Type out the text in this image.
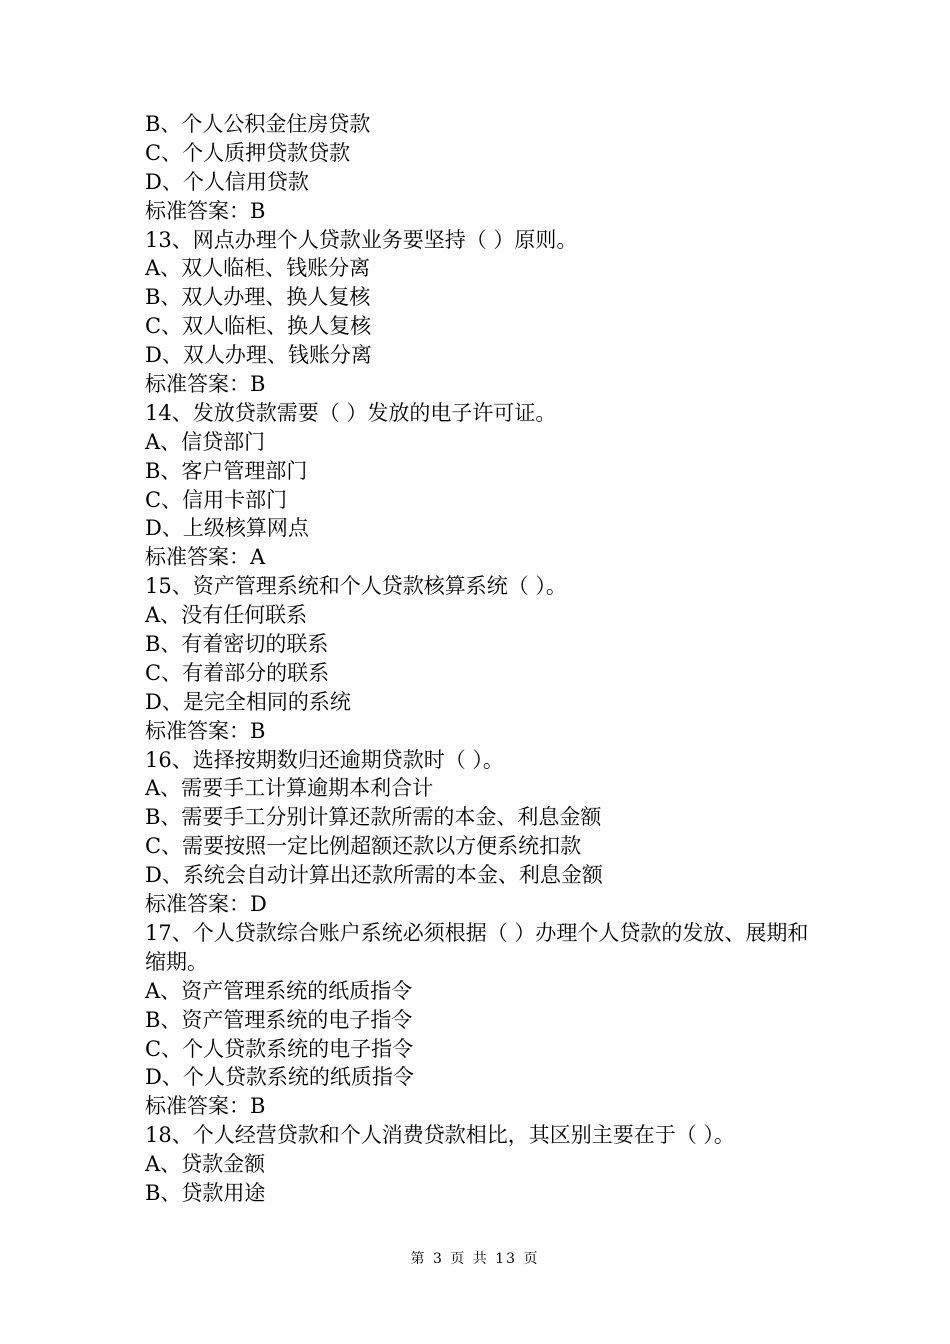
B、个人公积金住房贷款
C、个人质押贷款贷款
D、个人信用贷款
标准答案：B
13、网点办理个人贷款业务要坚持（ ）原则。
A、双人临柜、钱账分离
B、双人办理、换人复核
C、双人临柜、换人复核
D、双人办理、钱账分离
标准答案：B
14、发放贷款需要（ ）发放的电子许可证。
A、信贷部门
B、客户管理部门
C、信用卡部门
D、上级核算网点
标准答案：A
15、资产管理系统和个人贷款核算系统（ ）。
A、没有任何联系
B、有着密切的联系
C、有着部分的联系
D、是完全相同的系统
标准答案：B
16、选择按期数归还逾期贷款时（ ）。
A、需要手工计算逾期本利合计
B、需要手工分别计算还款所需的本金、利息金额
C、需要按照一定比例超额还款以方便系统扣款
D、系统会自动计算出还款所需的本金、利息金额
标准答案：D
17、个人贷款综合账户系统必须根据（ ）办理个人贷款的发放、展期和缩期。
A、资产管理系统的纸质指令
B、资产管理系统的电子指令
C、个人贷款系统的电子指令
D、个人贷款系统的纸质指令
标准答案：B
18、个人经营贷款和个人消费贷款相比，其区别主要在于（ ）。
A、贷款金额
B、贷款用途
第 3 页 共 13 页
